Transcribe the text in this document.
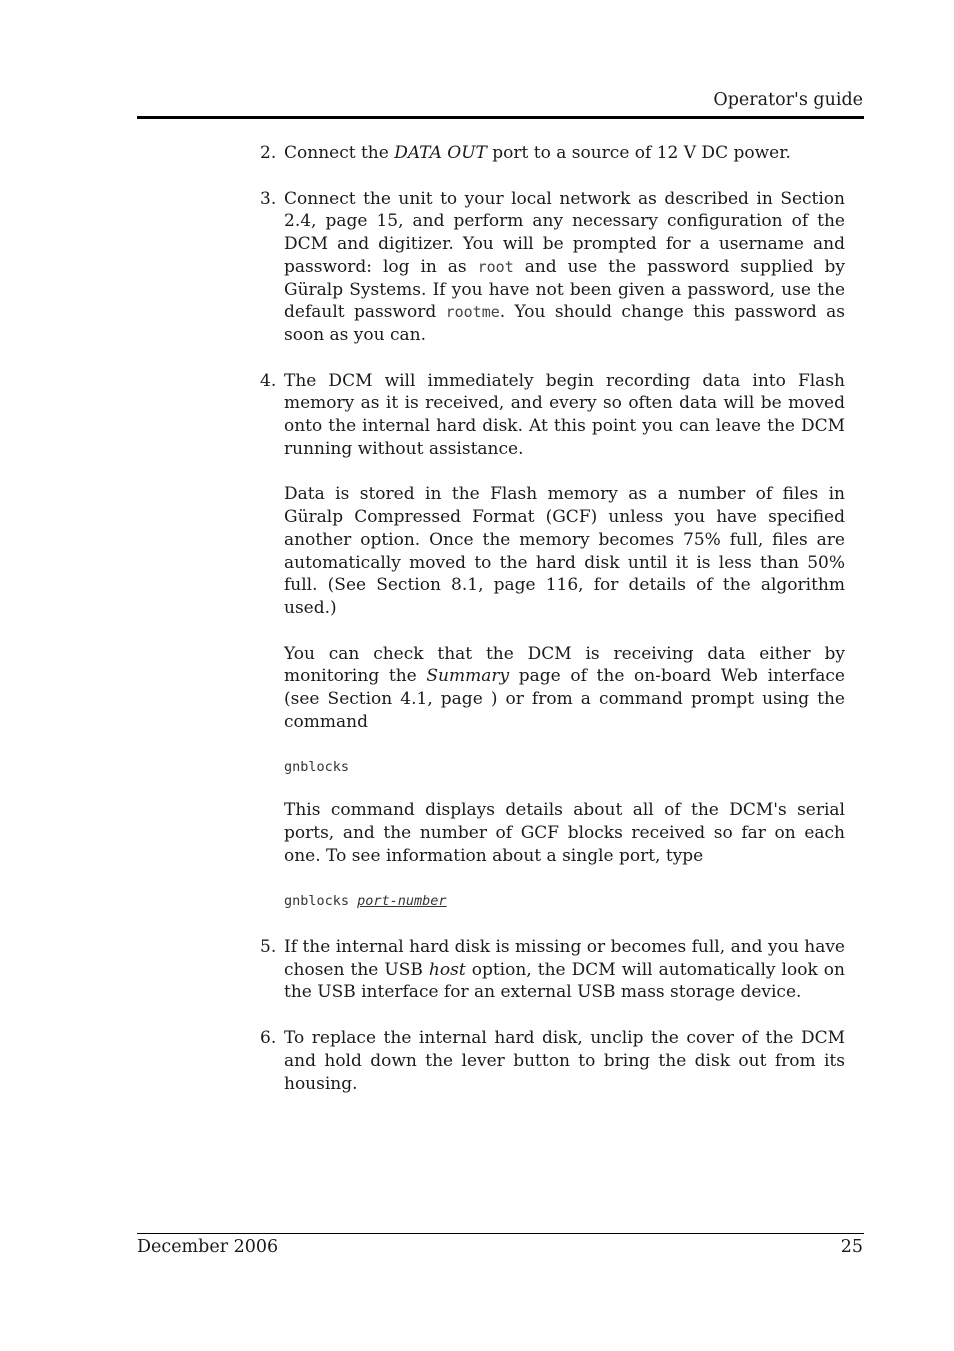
Operator's guide
2. Connect the DATA OUT port to a source of 12 V DC power.
3. Connect the unit to your local network as described in Section 2.4, page 15, and perform any necessary configuration of the DCM and digitizer. You will be prompted for a username and password: log in as root and use the password supplied by Güralp Systems. If you have not been given a password, use the default password rootme. You should change this password as soon as you can.
4. The DCM will immediately begin recording data into Flash memory as it is received, and every so often data will be moved onto the internal hard disk. At this point you can leave the DCM running without assistance.
Data is stored in the Flash memory as a number of files in Güralp Compressed Format (GCF) unless you have specified another option. Once the memory becomes 75% full, files are automatically moved to the hard disk until it is less than 50% full. (See Section 8.1, page 116, for details of the algorithm used.)
You can check that the DCM is receiving data either by monitoring the Summary page of the on-board Web interface (see Section 4.1, page ) or from a command prompt using the command
gnblocks
This command displays details about all of the DCM's serial ports, and the number of GCF blocks received so far on each one. To see information about a single port, type
gnblocks port-number
5. If the internal hard disk is missing or becomes full, and you have chosen the USB host option, the DCM will automatically look on the USB interface for an external USB mass storage device.
6. To replace the internal hard disk, unclip the cover of the DCM and hold down the lever button to bring the disk out from its housing.
December 2006	25
